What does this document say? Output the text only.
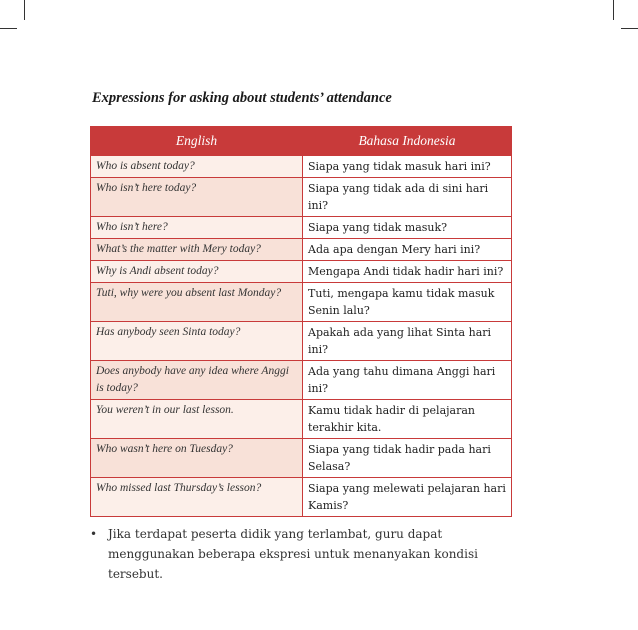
Expressions for asking about students’ attendance
English	Bahasa Indonesia
Who is absent today?	Siapa yang tidak masuk hari ini?
Who isn’t here today?	Siapa yang tidak ada di sini hari ini?
Who isn’t here?	Siapa yang tidak masuk?
What’s the matter with Mery today?	Ada apa dengan Mery hari ini?
Why is Andi absent today?	Mengapa Andi tidak hadir hari ini?
Tuti, why were you absent last Monday?	Tuti, mengapa kamu tidak masuk Senin lalu?
Has anybody seen Sinta today?	Apakah ada yang lihat Sinta hari ini?
Does anybody have any idea where Anggi is today?	Ada yang tahu dimana Anggi hari ini?
You weren’t in our last lesson.	Kamu tidak hadir di pelajaran terakhir kita.
Who wasn’t here on Tuesday?	Siapa yang tidak hadir pada hari Selasa?
Who missed last Thursday’s lesson?	Siapa yang melewati pelajaran hari Kamis?
• Jika terdapat peserta didik yang terlambat, guru dapat menggunakan beberapa ekspresi untuk menanyakan kondisi tersebut.
